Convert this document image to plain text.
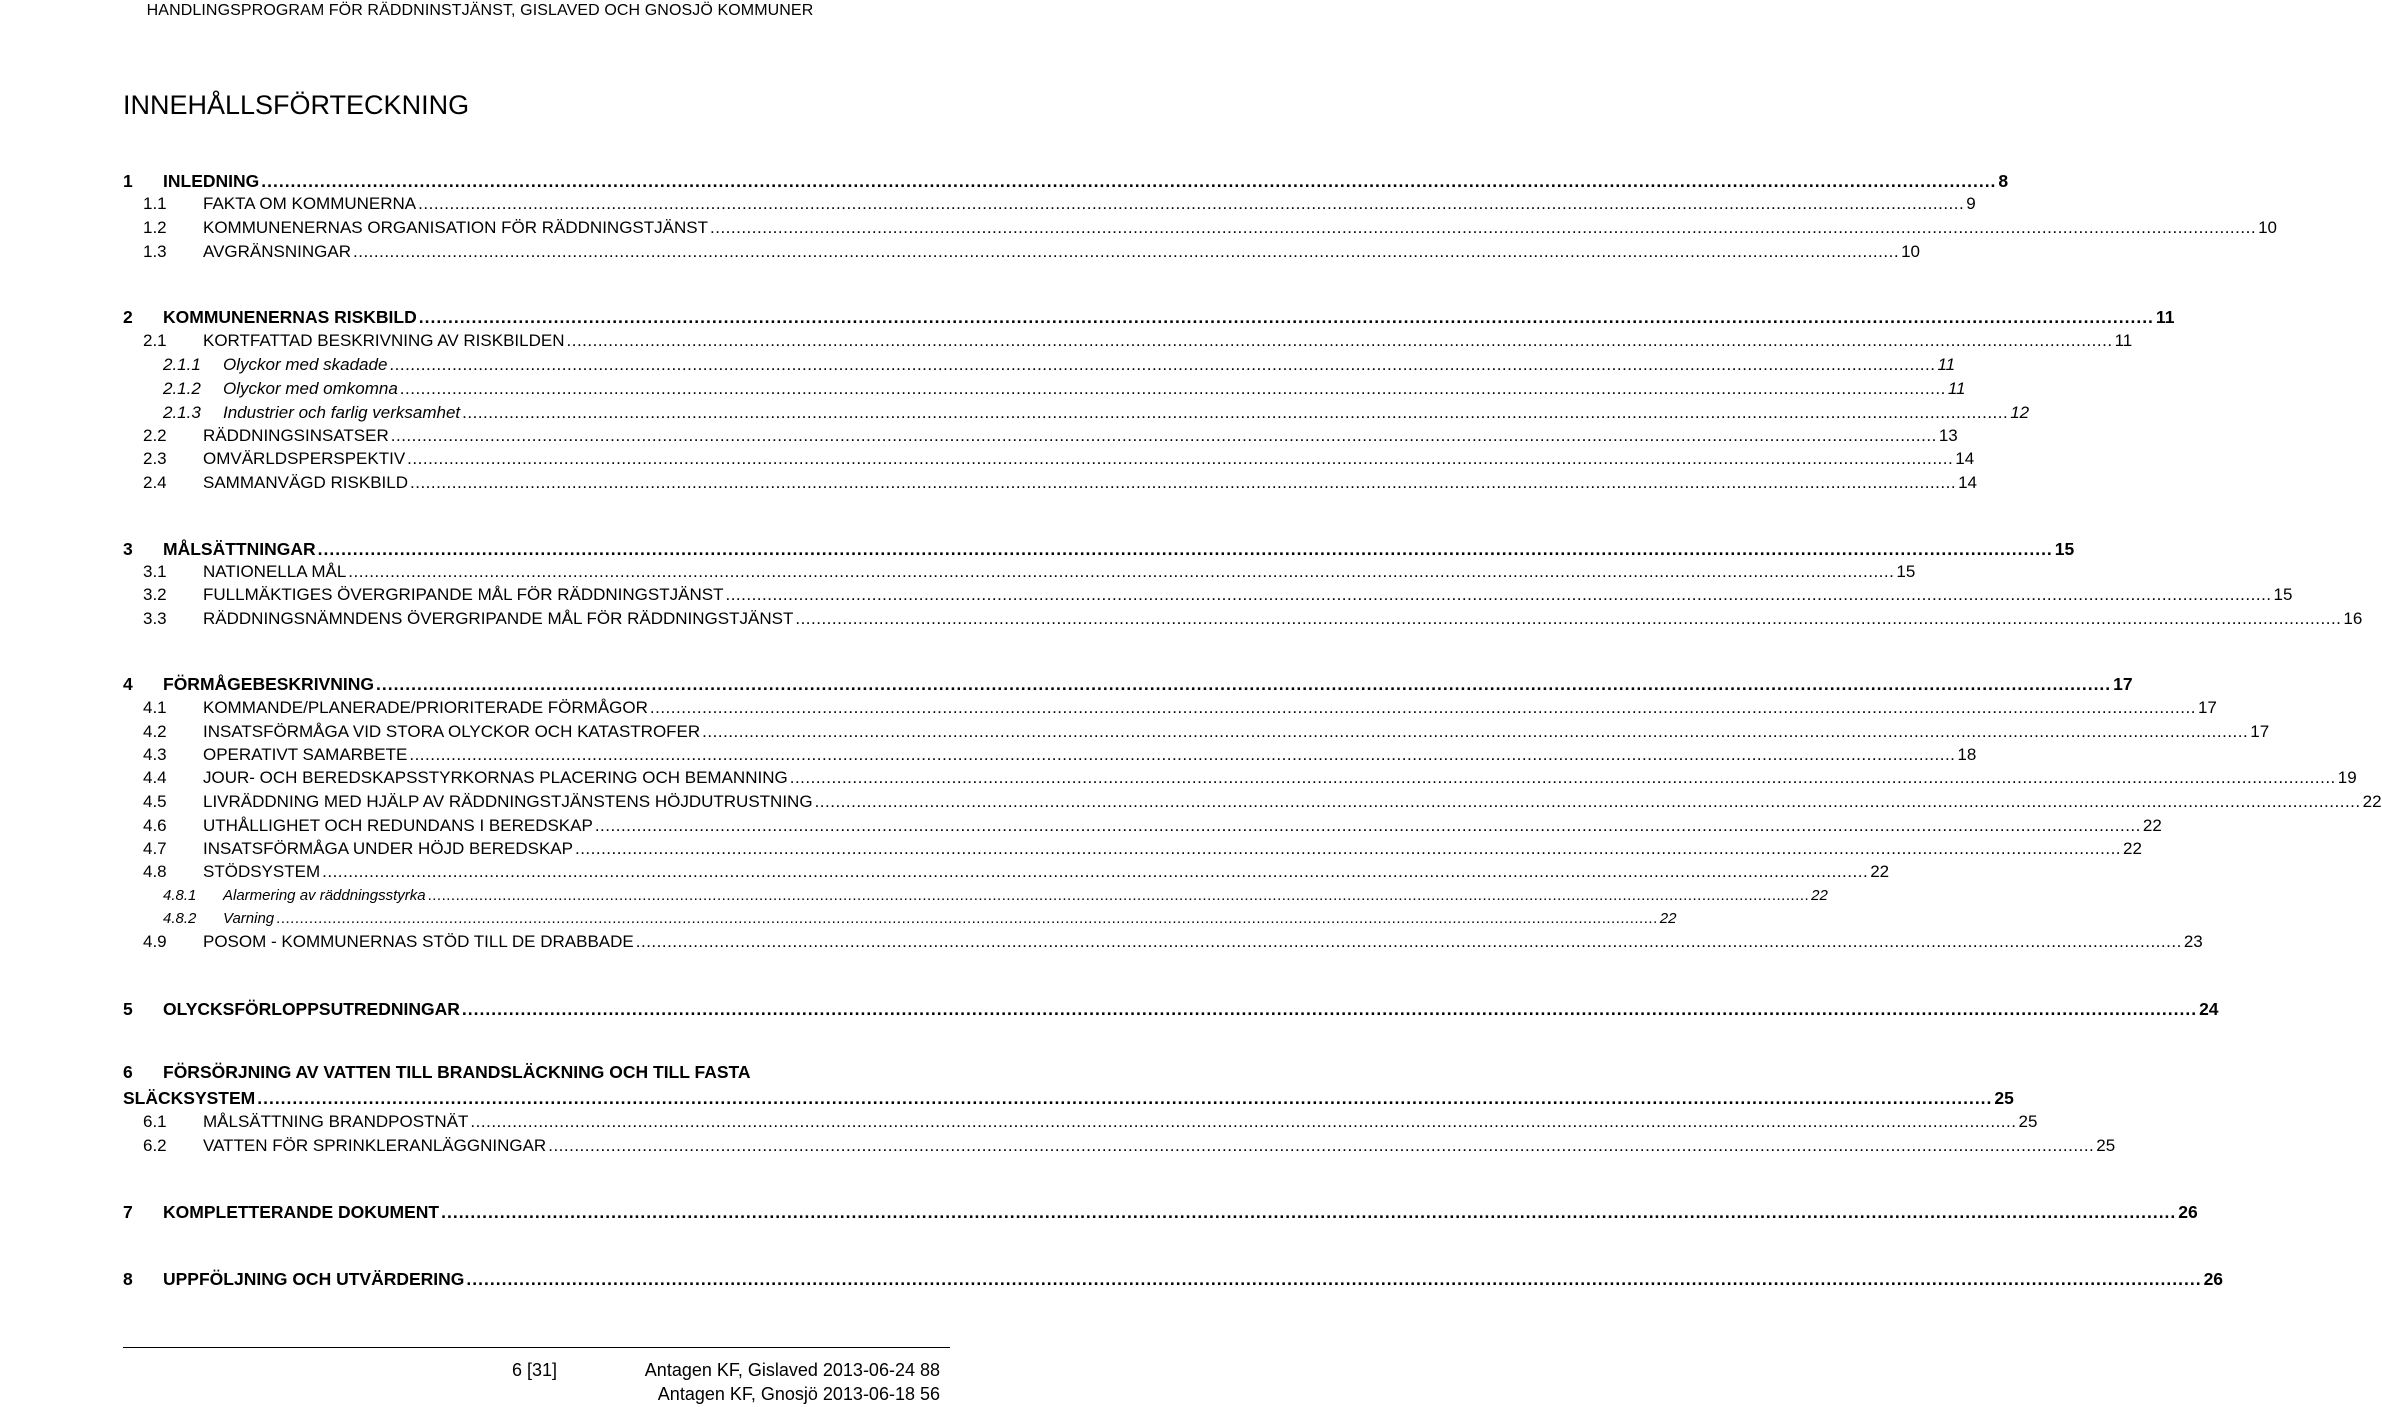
HANDLINGSPROGRAM FÖR RÄDDNINSTJÄNST, GISLAVED OCH GNOSJÖ KOMMUNER
INNEHÅLLSFÖRTECKNING
1	INLEDNING .....	8
1.1	FAKTA OM KOMMUNERNA .....	9
1.2	KOMMUNENERNAS ORGANISATION FÖR RÄDDNINGSTJÄNST .....	10
1.3	AVGRÄNSNINGAR .....	10
2	KOMMUNENERNAS RISKBILD .....	11
2.1	KORTFATTAD BESKRIVNING AV RISKBILDEN .....	11
2.1.1	Olyckor med skadade .....	11
2.1.2	Olyckor med omkomna .....	11
2.1.3	Industrier och farlig verksamhet .....	12
2.2	RÄDDNINGSINSATSER .....	13
2.3	OMVÄRLDSPERSPEKTIV .....	14
2.4	SAMMANVÄGD RISKBILD .....	14
3	MÅLSÄTTNINGAR .....	15
3.1	NATIONELLA MÅL .....	15
3.2	FULLMÄKTIGES ÖVERGRIPANDE MÅL FÖR RÄDDNINGSTJÄNST .....	15
3.3	RÄDDNINGSNÄMNDENS ÖVERGRIPANDE MÅL FÖR RÄDDNINGSTJÄNST .....	16
4	FÖRMÅGEBESKRIVNING .....	17
4.1	KOMMANDE/PLANERADE/PRIORITERADE FÖRMÅGOR .....	17
4.2	INSATSFÖRMÅGA VID STORA OLYCKOR OCH KATASTROFER .....	17
4.3	OPERATIVT SAMARBETE .....	18
4.4	JOUR- OCH BEREDSKAPSSTYRKORNAS PLACERING OCH BEMANNING .....	19
4.5	LIVRÄDDNING MED HJÄLP AV RÄDDNINGSTJÄNSTENS HÖJDUTRUSTNING .....	22
4.6	UTHÅLLIGHET OCH REDUNDANS I BEREDSKAP .....	22
4.7	INSATSFÖRMÅGA UNDER HÖJD BEREDSKAP .....	22
4.8	STÖDSYSTEM .....	22
4.8.1	Alarmering av räddningsstyrka .....	22
4.8.2	Varning .....	22
4.9	POSOM - KOMMUNERNAS STÖD TILL DE DRABBADE .....	23
5	OLYCKSFÖRLOPPSUTREDNINGAR .....	24
6 FÖRSÖRJNING AV VATTEN TILL BRANDSLÄCKNING OCH TILL FASTA
SLÄCKSYSTEM .....	25
6.1	MÅLSÄTTNING BRANDPOSTNÄT .....	25
6.2	VATTEN FÖR SPRINKLERANLÄGGNINGAR .....	25
7	KOMPLETTERANDE DOKUMENT .....	26
8	UPPFÖLJNING OCH UTVÄRDERING .....	26
6 [31]	Antagen KF, Gislaved 2013-06-24 88
Antagen KF, Gnosjö 2013-06-18 56
